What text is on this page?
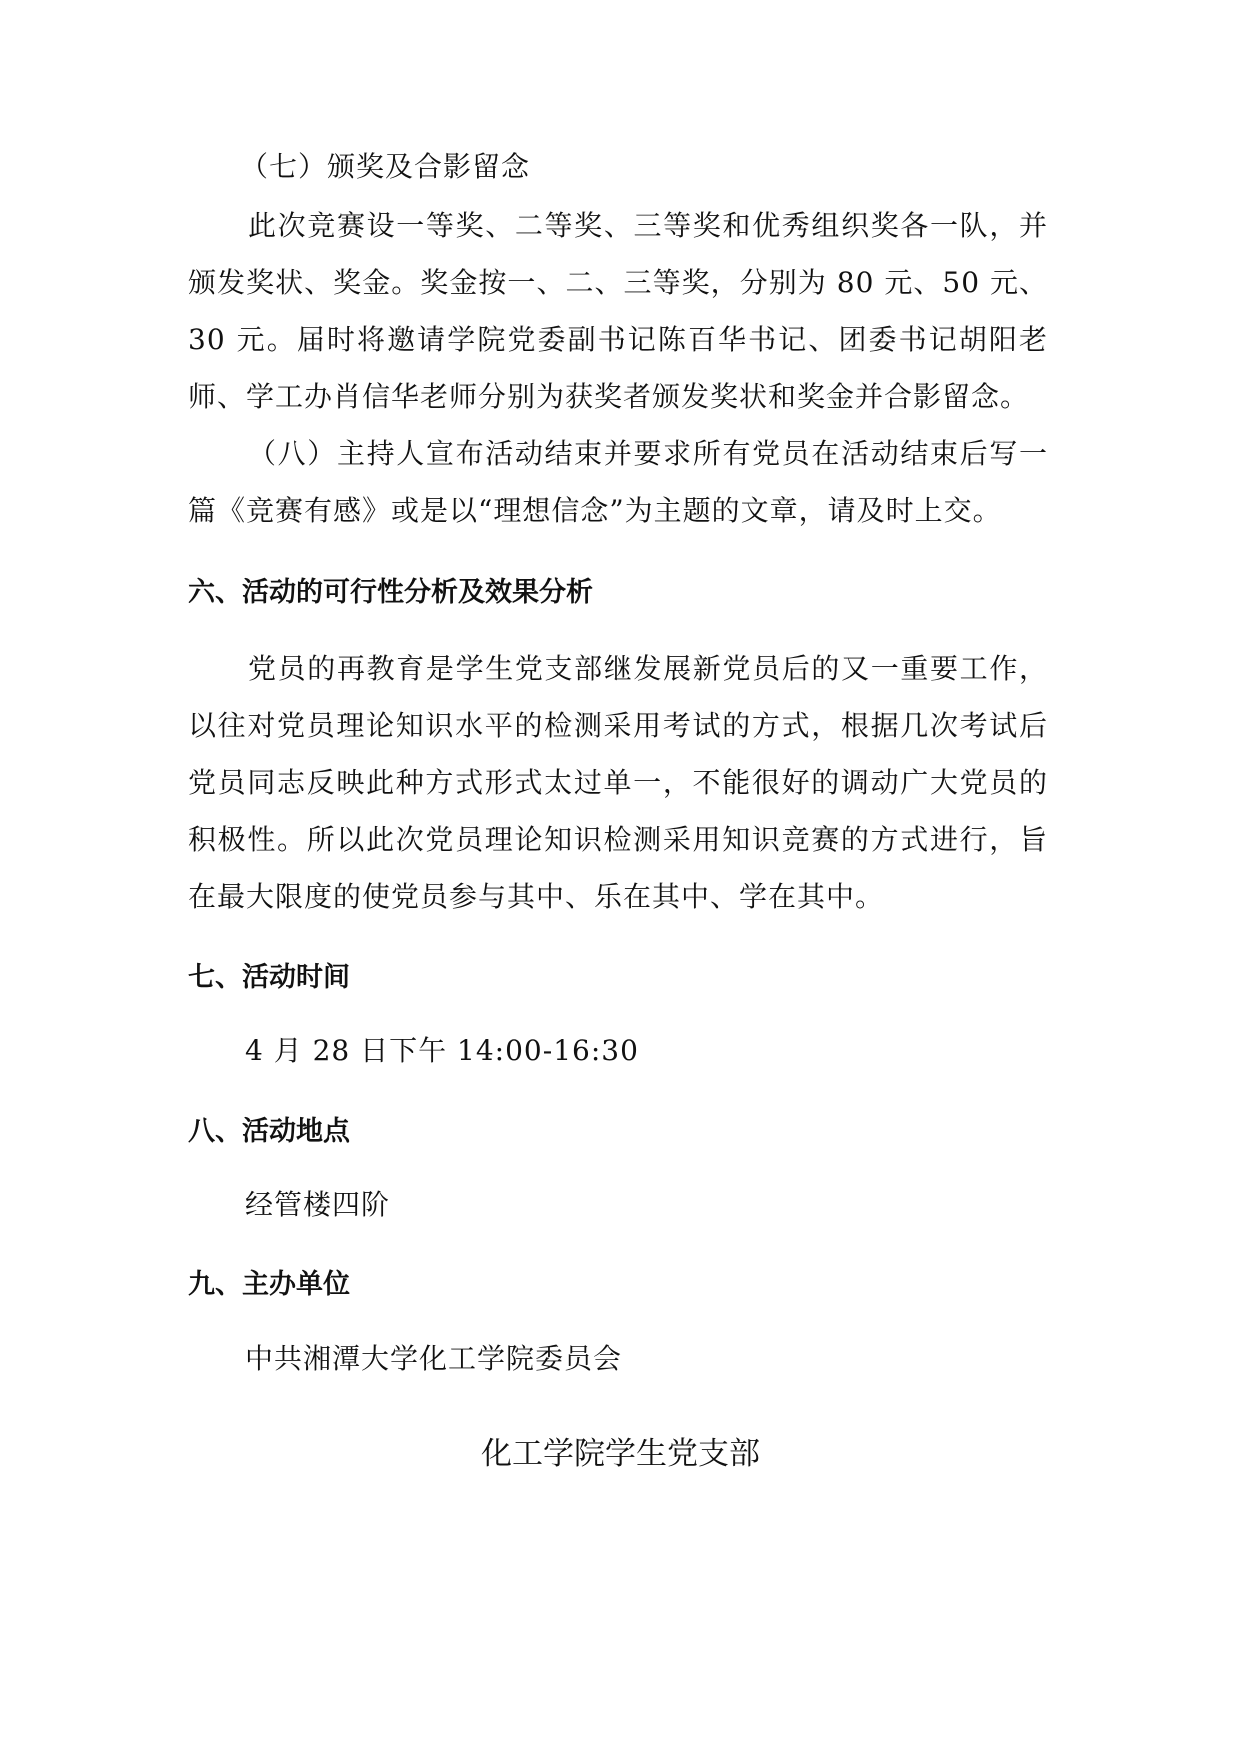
（七）颁奖及合影留念

此次竞赛设一等奖、二等奖、三等奖和优秀组织奖各一队，并颁发奖状、奖金。奖金按一、二、三等奖，分别为 80 元、50 元、30 元。届时将邀请学院党委副书记陈百华书记、团委书记胡阳老师、学工办肖信华老师分别为获奖者颁发奖状和奖金并合影留念。

（八）主持人宣布活动结束并要求所有党员在活动结束后写一篇《竞赛有感》或是以“理想信念”为主题的文章，请及时上交。

六、活动的可行性分析及效果分析

党员的再教育是学生党支部继发展新党员后的又一重要工作，以往对党员理论知识水平的检测采用考试的方式，根据几次考试后党员同志反映此种方式形式太过单一，不能很好的调动广大党员的积极性。所以此次党员理论知识检测采用知识竞赛的方式进行，旨在最大限度的使党员参与其中、乐在其中、学在其中。

七、活动时间

4 月 28 日下午 14:00-16:30

八、活动地点

经管楼四阶

九、主办单位

中共湘潭大学化工学院委员会

化工学院学生党支部
